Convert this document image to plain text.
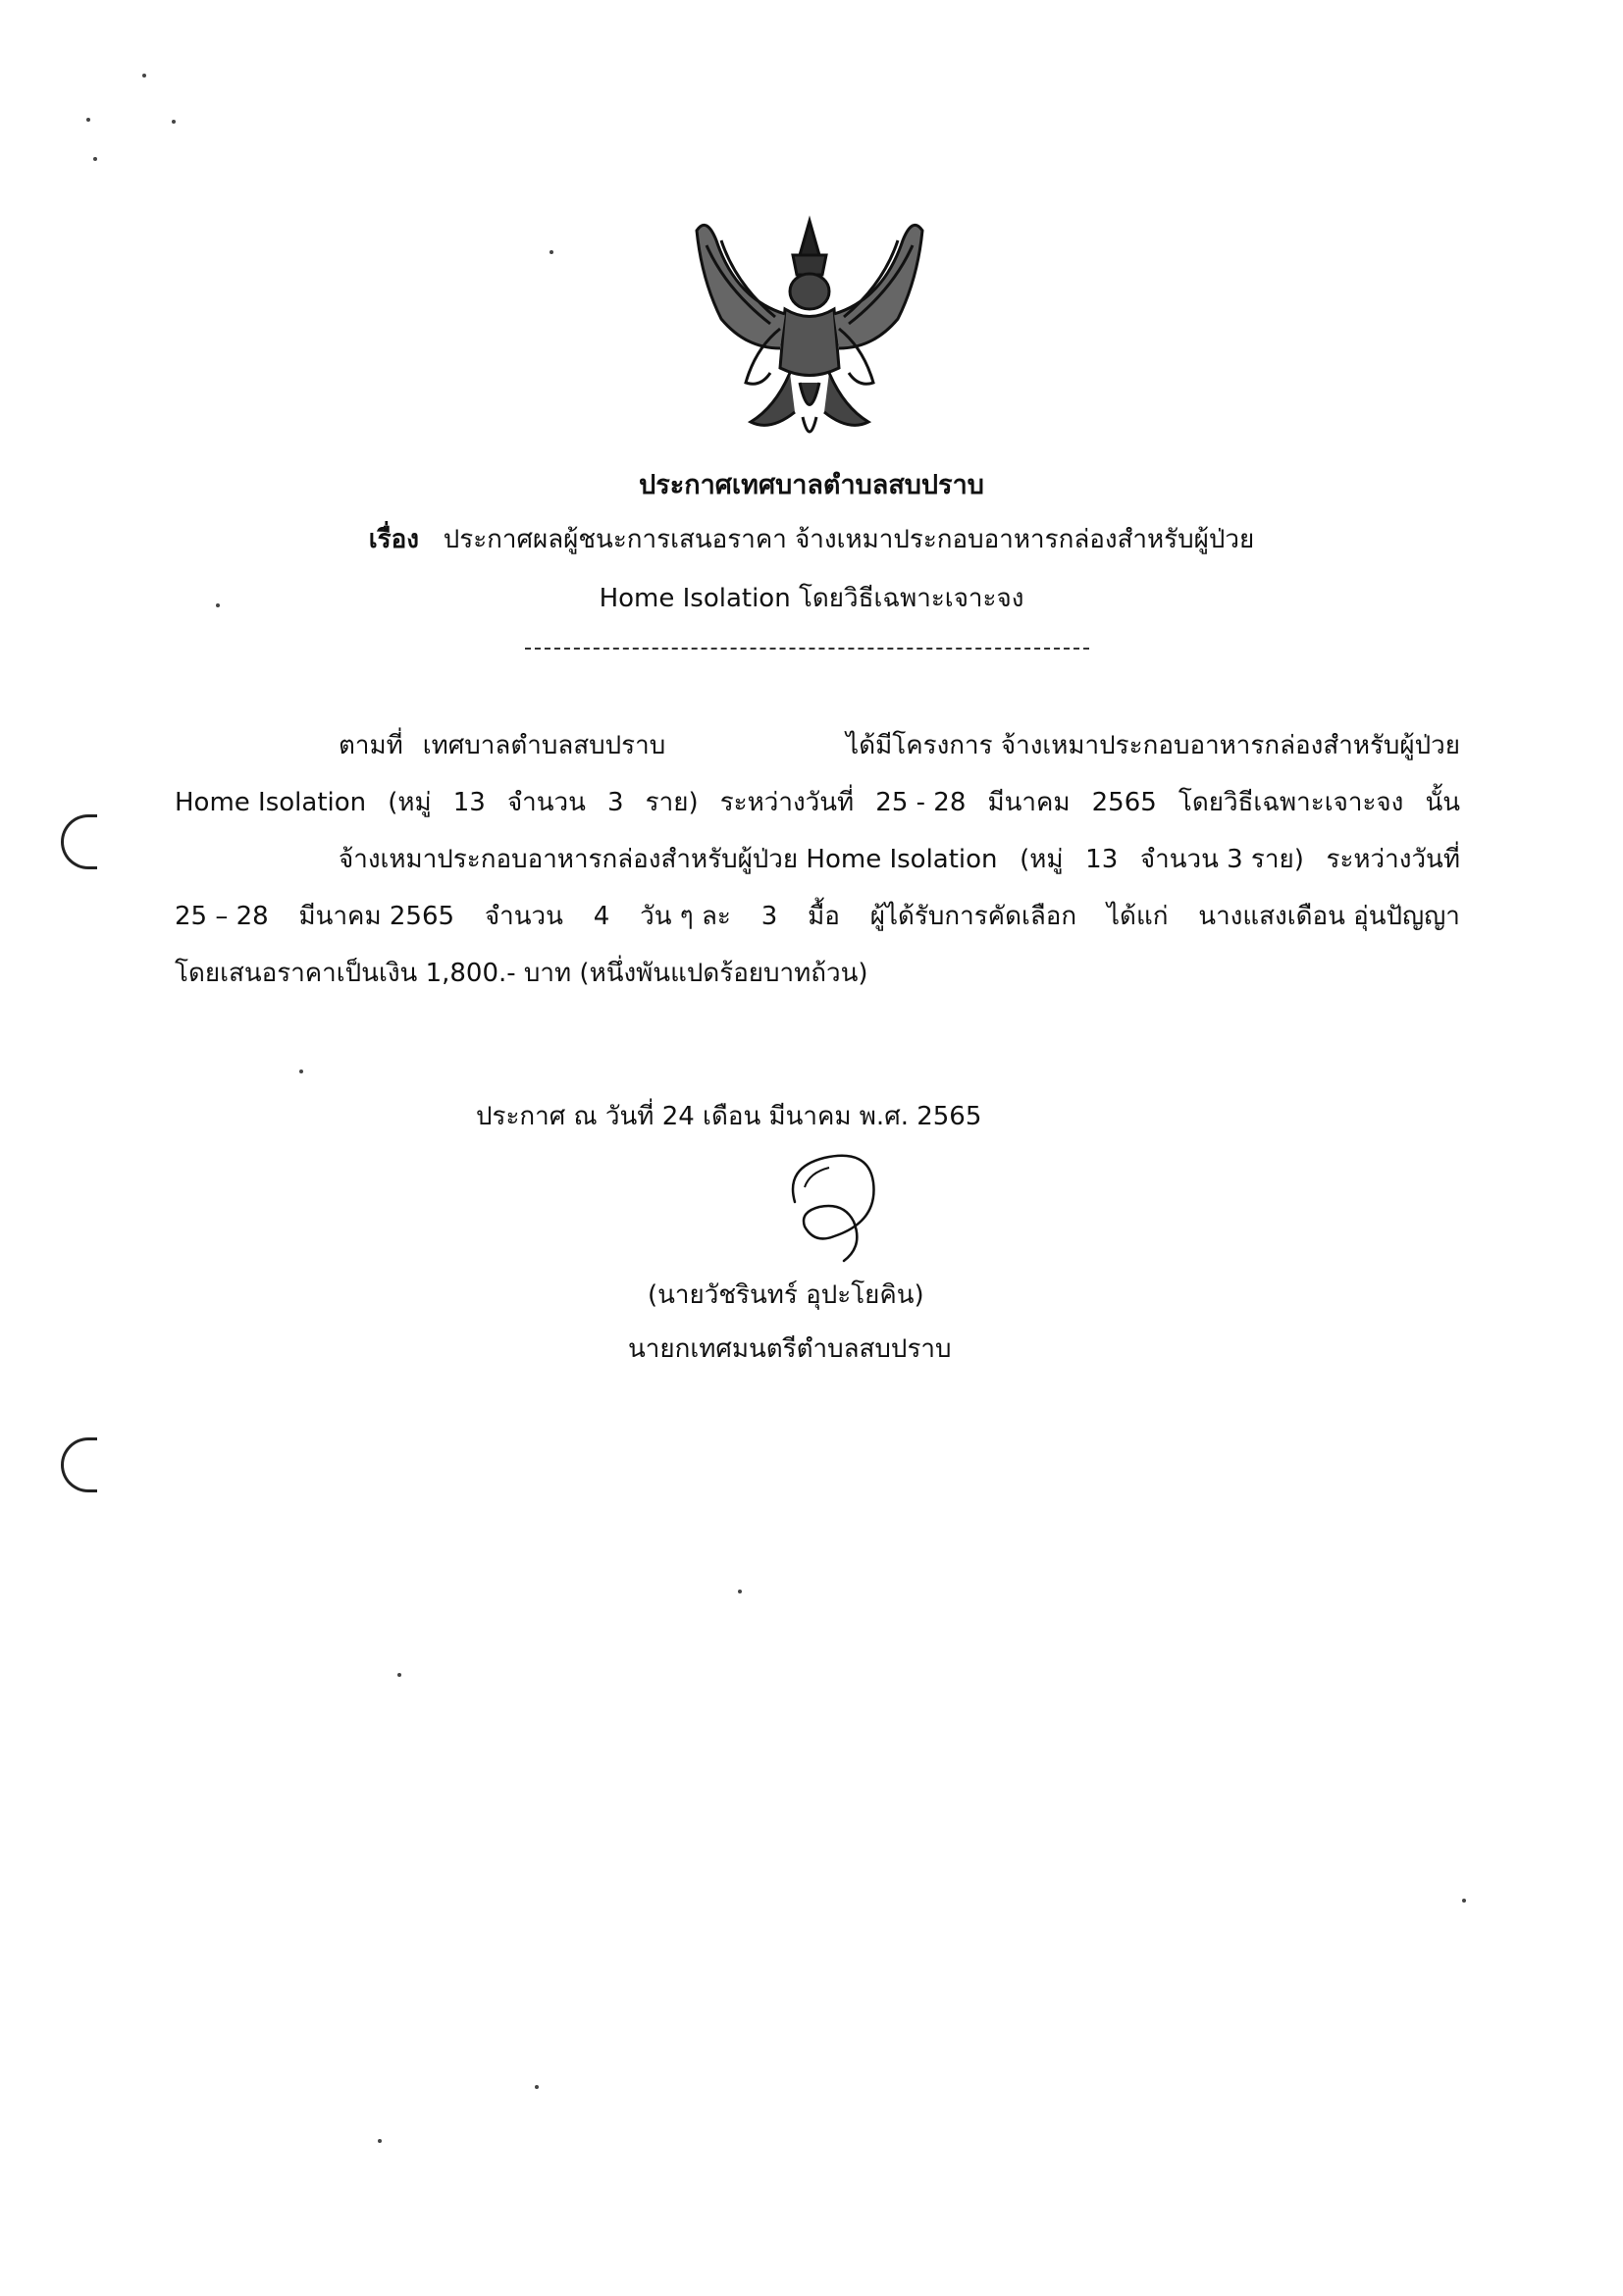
ประกาศเทศบาลตำบลสบปราบ
เรื่อง ประกาศผลผู้ชนะการเสนอราคา จ้างเหมาประกอบอาหารกล่องสำหรับผู้ป่วย
Home Isolation โดยวิธีเฉพาะเจาะจง
ตามที่ เทศบาลตำบลสบปราบ	ได้มีโครงการ จ้างเหมาประกอบอาหารกล่องสำหรับผู้ป่วย
Home Isolation (หมู่ 13 จำนวน 3 ราย) ระหว่างวันที่ 25 - 28 มีนาคม 2565 โดยวิธีเฉพาะเจาะจง นั้น
จ้างเหมาประกอบอาหารกล่องสำหรับผู้ป่วย Home Isolation (หมู่ 13 จำนวน 3 ราย) ระหว่างวันที่
25 – 28 มีนาคม 2565 จำนวน 4 วัน ๆ ละ 3 มื้อ ผู้ได้รับการคัดเลือก ได้แก่ นางแสงเดือน อุ่นปัญญา
โดยเสนอราคาเป็นเงิน 1,800.- บาท (หนึ่งพันแปดร้อยบาทถ้วน)
ประกาศ ณ วันที่ 24 เดือน มีนาคม พ.ศ. 2565
(นายวัชรินทร์ อุปะโยคิน)
นายกเทศมนตรีตำบลสบปราบ
